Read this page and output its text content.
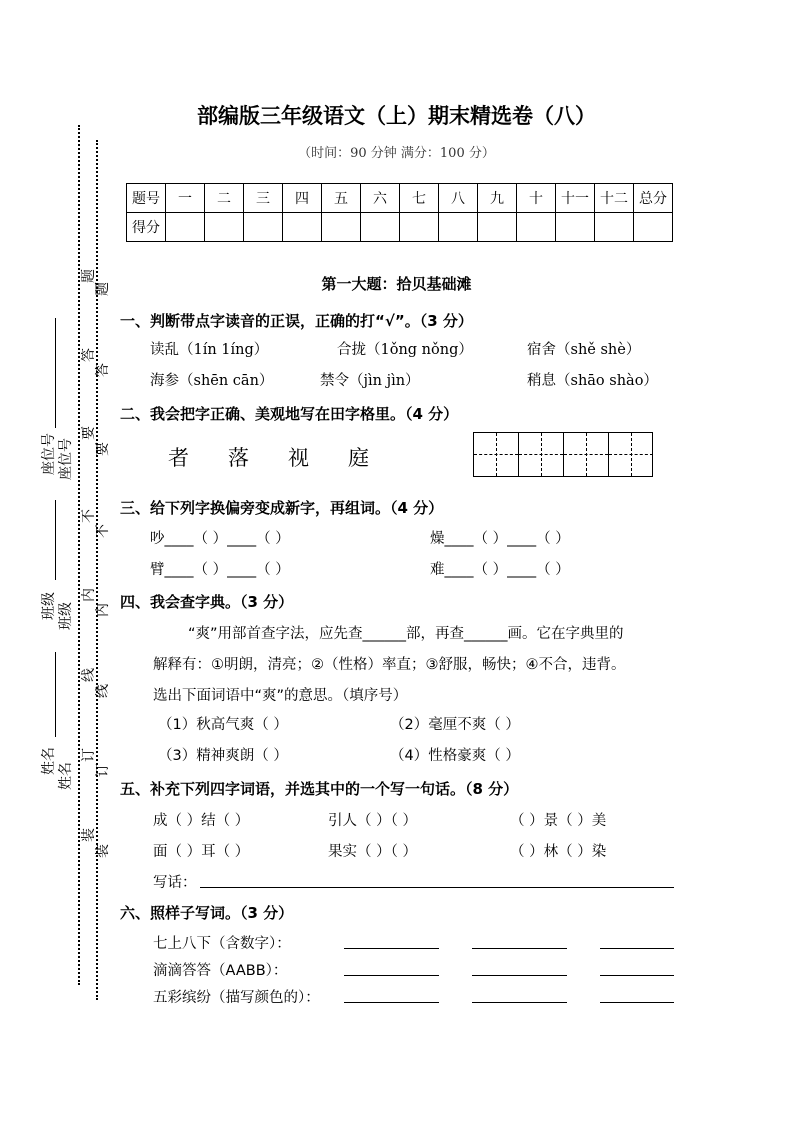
部编版三年级语文（上）期末精选卷（八）
（时间：90 分钟 满分：100 分）
题号	一	二	三	四	五	六	七	八	九	十	十一	十二	总分
得分													
座位号 座位号
班级 班级
姓名
姓名
题
题
答
答
要
要
不
不
内
内
线
线
订
订
装
装
第一大题：拾贝基础滩
一、判断带点字读音的正误，正确的打“√”。（3 分）
读乱（1ín 1íng）	合拢（1ǒng nǒng）	宿舍（shě shè）
海参（shēn cān）	禁令（jìn jìn）	稍息（shāo shào）
二、我会把字正确、美观地写在田字格里。（4 分）
者 落 视 庭
三、给下列字换偏旁变成新字，再组词。（4 分）
吵____（ ）____（ ）	燥____（ ）____（ ）
臂____（ ）____（ ）	难____（ ）____（ ）
四、我会查字典。（3 分）
“爽”用部首查字法，应先查______部，再查______画。它在字典里的
解释有：①明朗，清亮；②（性格）率直；③舒服，畅快；④不合，违背。
选出下面词语中“爽”的意思。（填序号）
（1）秋高气爽（ ）	（2）毫厘不爽（ ）
（3）精神爽朗（ ）	（4）性格豪爽（ ）
五、补充下列四字词语，并选其中的一个写一句话。（8 分）
成（ ）结（ ）	引人（ ）（ ）	（ ）景（ ）美
面（ ）耳（ ）	果实（ ）（ ）	（ ）林（ ）染
写话：
六、照样子写词。（3 分）
七上八下（含数字）：
滴滴答答（AABB）：
五彩缤纷（描写颜色的）：
